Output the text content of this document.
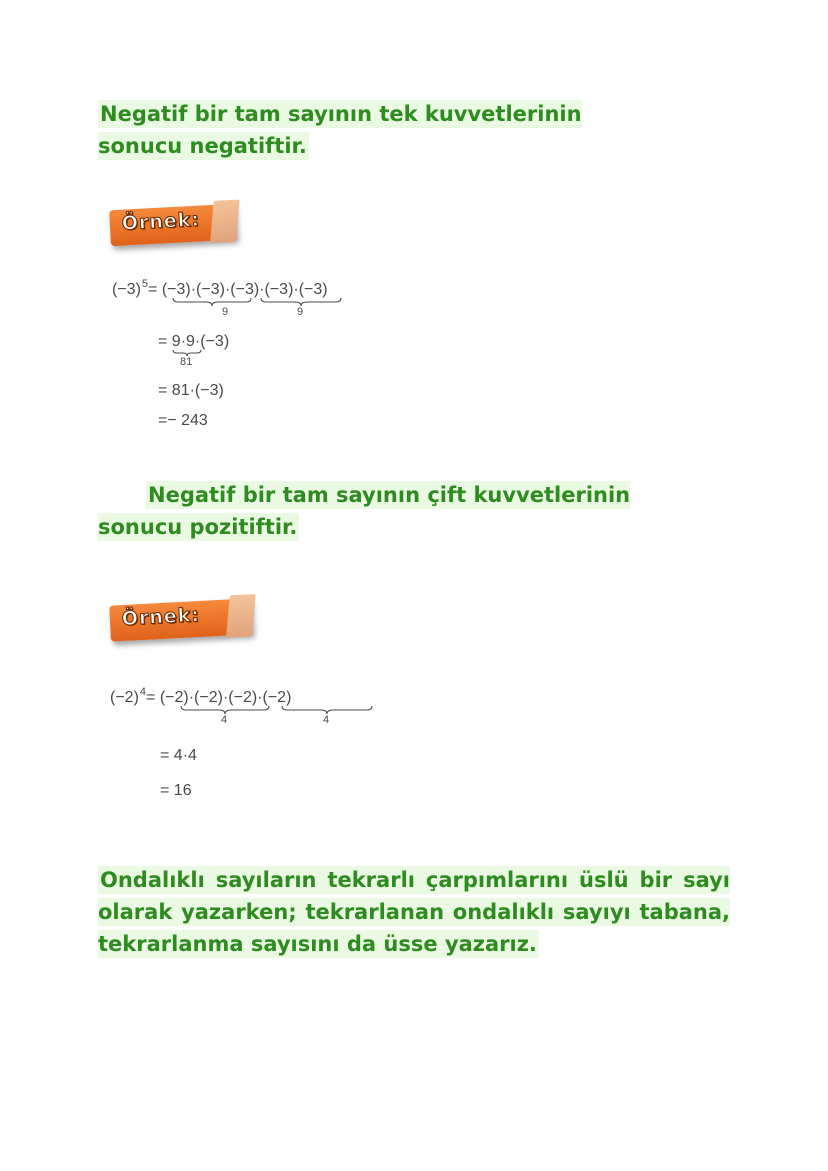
Negatif bir tam sayının tek kuvvetlerinin sonucu negatiftir.
Örnek:
$(-3)^5= (-3)\cdot(-3)\cdot(-3)\cdot(-3)\cdot(-3)$
9	9
= 9·9·(−3)
81
= 81·(−3)
=− 243
Negatif bir tam sayının çift kuvvetlerinin sonucu pozitiftir.
Örnek:
$(-2)^4= (-2)\cdot(-2)\cdot(-2)\cdot(-2)$
4	4
= 4·4
= 16
Ondalıklı sayıların tekrarlı çarpımlarını üslü bir sayı olarak yazarken; tekrarlanan ondalıklı sayıyı tabana, tekrarlanma sayısını da üsse yazarız.
